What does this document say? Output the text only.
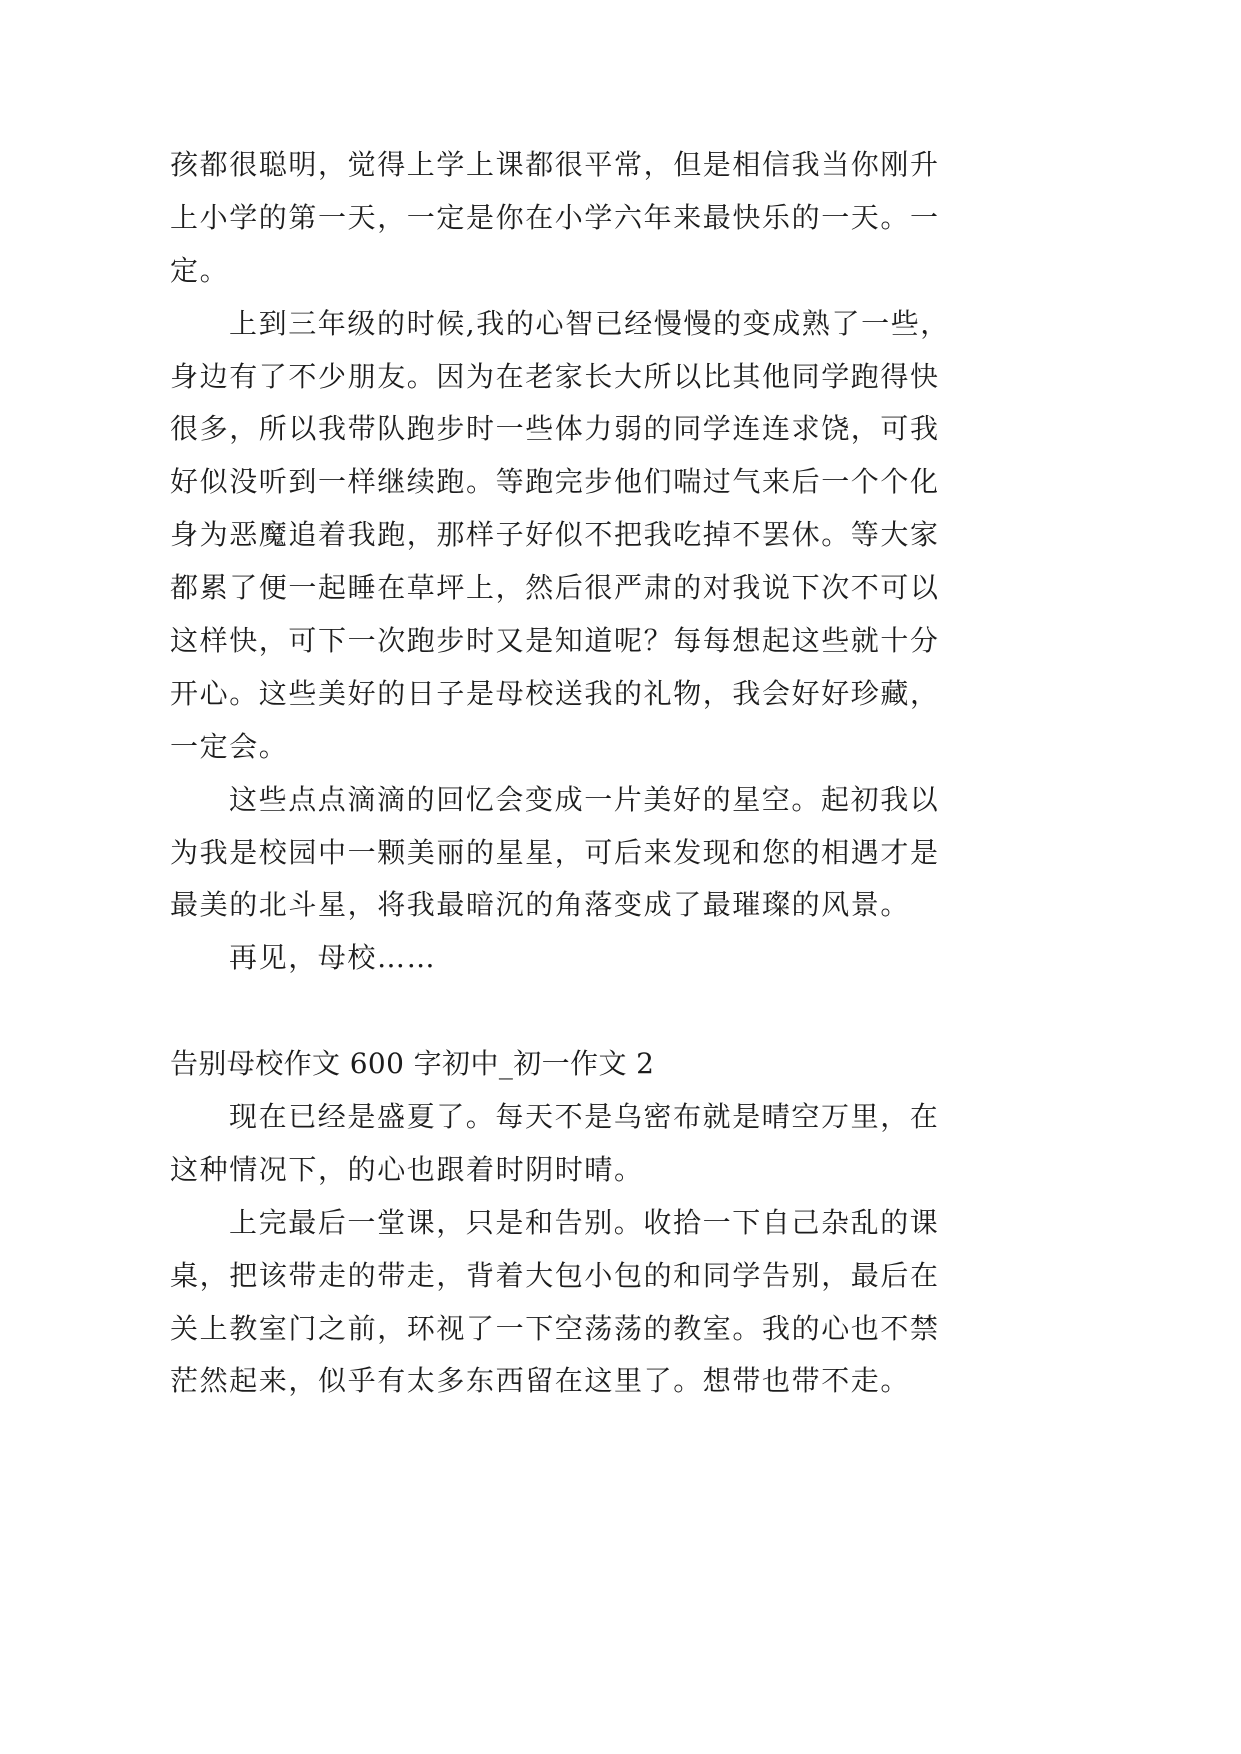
孩都很聪明，觉得上学上课都很平常，但是相信我当你刚升
上小学的第一天，一定是你在小学六年来最快乐的一天。一
定。
上到三年级的时候,我的心智已经慢慢的变成熟了一些，
身边有了不少朋友。因为在老家长大所以比其他同学跑得快
很多，所以我带队跑步时一些体力弱的同学连连求饶，可我
好似没听到一样继续跑。等跑完步他们喘过气来后一个个化
身为恶魔追着我跑，那样子好似不把我吃掉不罢休。等大家
都累了便一起睡在草坪上，然后很严肃的对我说下次不可以
这样快，可下一次跑步时又是知道呢？每每想起这些就十分
开心。这些美好的日子是母校送我的礼物，我会好好珍藏，
一定会。
这些点点滴滴的回忆会变成一片美好的星空。起初我以
为我是校园中一颗美丽的星星，可后来发现和您的相遇才是
最美的北斗星，将我最暗沉的角落变成了最璀璨的风景。
再见，母校……
告别母校作文 600 字初中_初一作文 2
现在已经是盛夏了。每天不是乌密布就是晴空万里，在
这种情况下，的心也跟着时阴时晴。
上完最后一堂课，只是和告别。收拾一下自己杂乱的课
桌，把该带走的带走，背着大包小包的和同学告别，最后在
关上教室门之前，环视了一下空荡荡的教室。我的心也不禁
茫然起来，似乎有太多东西留在这里了。想带也带不走。
